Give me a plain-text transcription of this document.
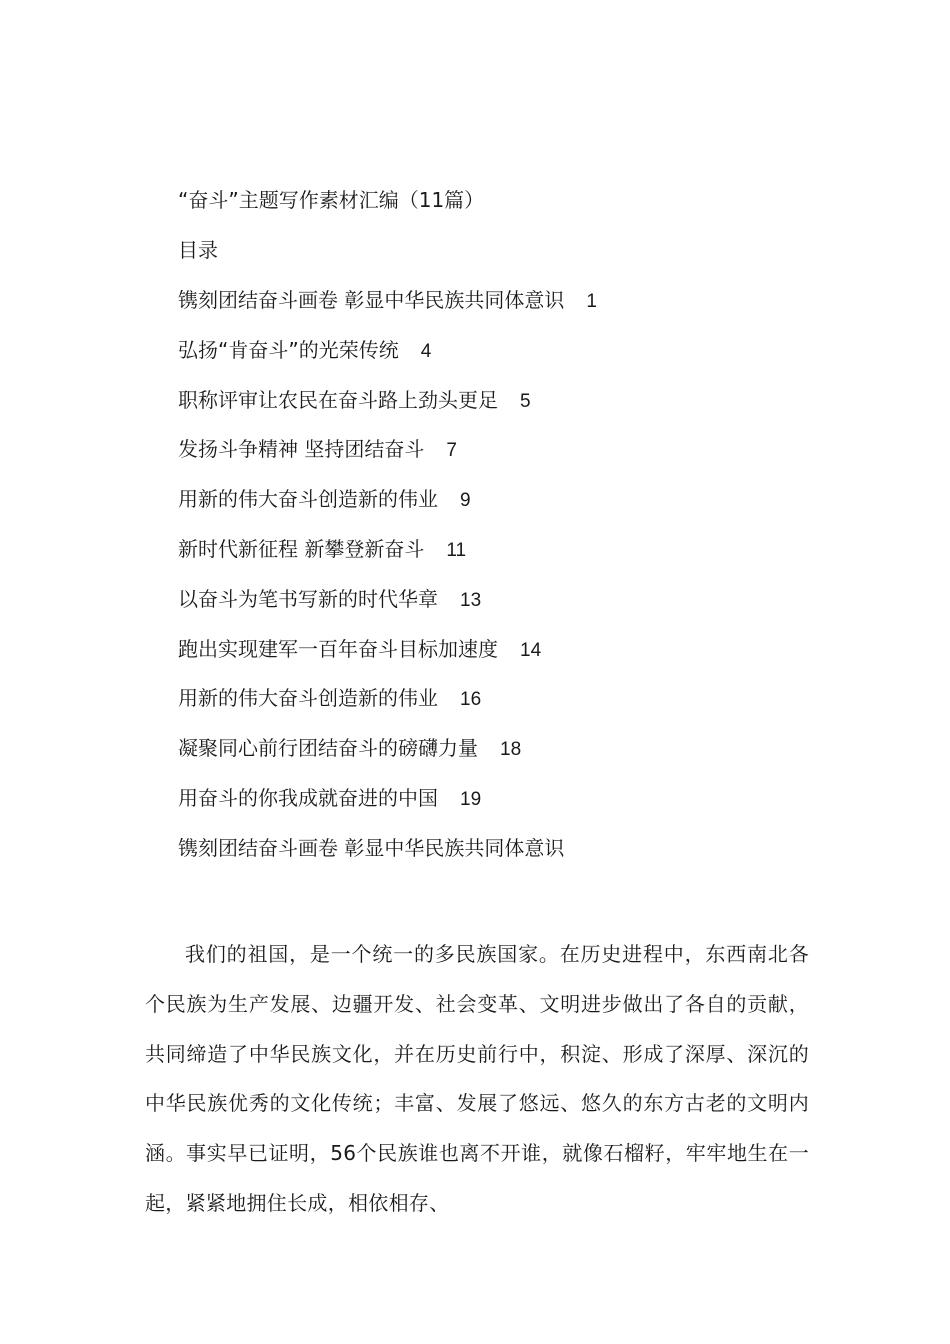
“奋斗”主题写作素材汇编（11篇）
目录
镌刻团结奋斗画卷 彰显中华民族共同体意识 1
弘扬“肯奋斗”的光荣传统 4
职称评审让农民在奋斗路上劲头更足 5
发扬斗争精神 坚持团结奋斗 7
用新的伟大奋斗创造新的伟业 9
新时代新征程 新攀登新奋斗 11
以奋斗为笔书写新的时代华章 13
跑出实现建军一百年奋斗目标加速度 14
用新的伟大奋斗创造新的伟业 16
凝聚同心前行团结奋斗的磅礴力量 18
用奋斗的你我成就奋进的中国 19
镌刻团结奋斗画卷 彰显中华民族共同体意识

我们的祖国，是一个统一的多民族国家。在历史进程中，东西南北各个民族为生产发展、边疆开发、社会变革、文明进步做出了各自的贡献，共同缔造了中华民族文化，并在历史前行中，积淀、形成了深厚、深沉的中华民族优秀的文化传统；丰富、发展了悠远、悠久的东方古老的文明内涵。事实早已证明，56个民族谁也离不开谁，就像石榴籽，牢牢地生在一起，紧紧地拥住长成，相依相存、
